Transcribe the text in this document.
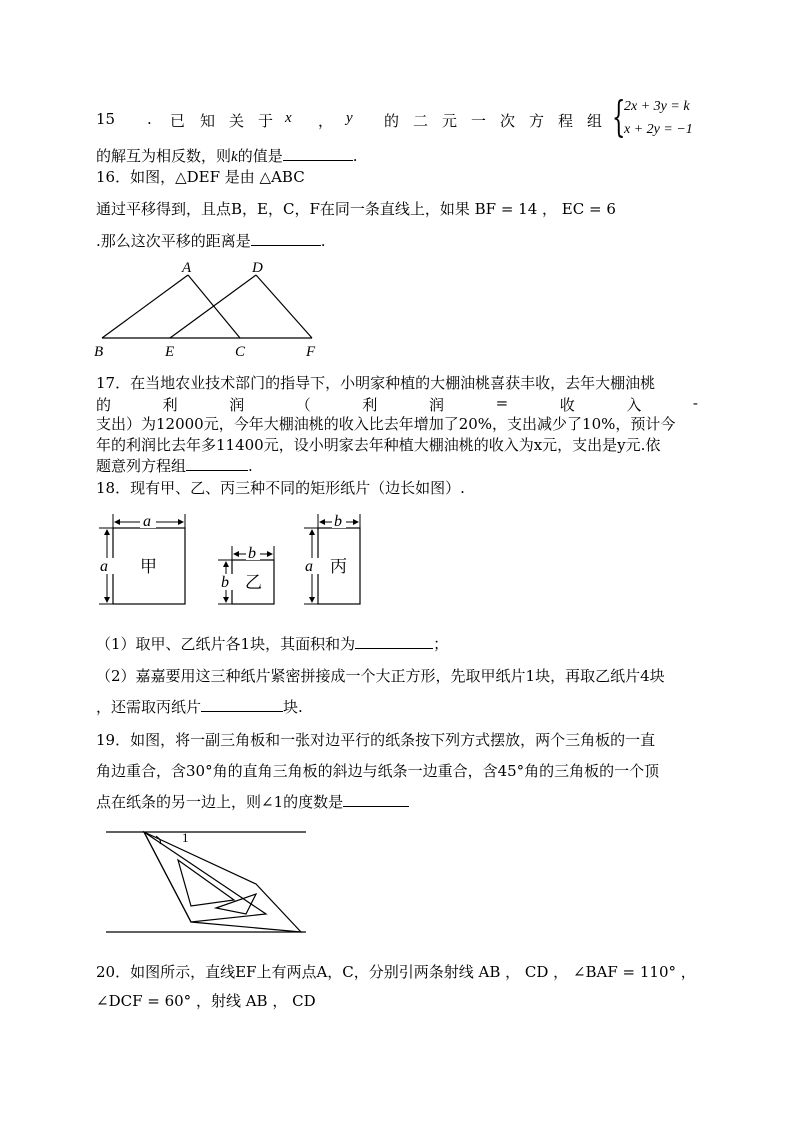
15 . 已 知 关 于 x ， y 的 二 元 一 次 方 程 组 {
2x + 3y = k
x + 2y = −1
的解互为相反数，则k的值是	.
16．如图，△DEF 是由 △ABC
通过平移得到，且点B，E，C，F在同一条直线上，如果 BF = 14 ， EC = 6
.那么这次平移的距离是	.
A	D
B	E	C	F
17．在当地农业技术部门的指导下，小明家种植的大棚油桃喜获丰收，去年大棚油桃
的	利	润	（	利	润	=	收	入	-
支出）为12000元，今年大棚油桃的收入比去年增加了20%，支出减少了10%，预计今
年的利润比去年多11400元，设小明家去年种植大棚油桃的收入为x元，支出是y元.依
题意列方程组	.
18．现有甲、乙、丙三种不同的矩形纸片（边长如图）.
a
a 甲
b
b 乙
b
a 丙
（1）取甲、乙纸片各1块，其面积和为	；
（2）嘉嘉要用这三种纸片紧密拼接成一个大正方形，先取甲纸片1块，再取乙纸片4块
，还需取丙纸片	块.
19．如图，将一副三角板和一张对边平行的纸条按下列方式摆放，两个三角板的一直
角边重合，含30°角的直角三角板的斜边与纸条一边重合，含45°角的三角板的一个顶
点在纸条的另一边上，则∠1的度数是
1
20．如图所示，直线EF上有两点A，C，分别引两条射线 AB ， CD ， ∠BAF = 110° ，
∠DCF = 60° ，射线 AB ， CD
